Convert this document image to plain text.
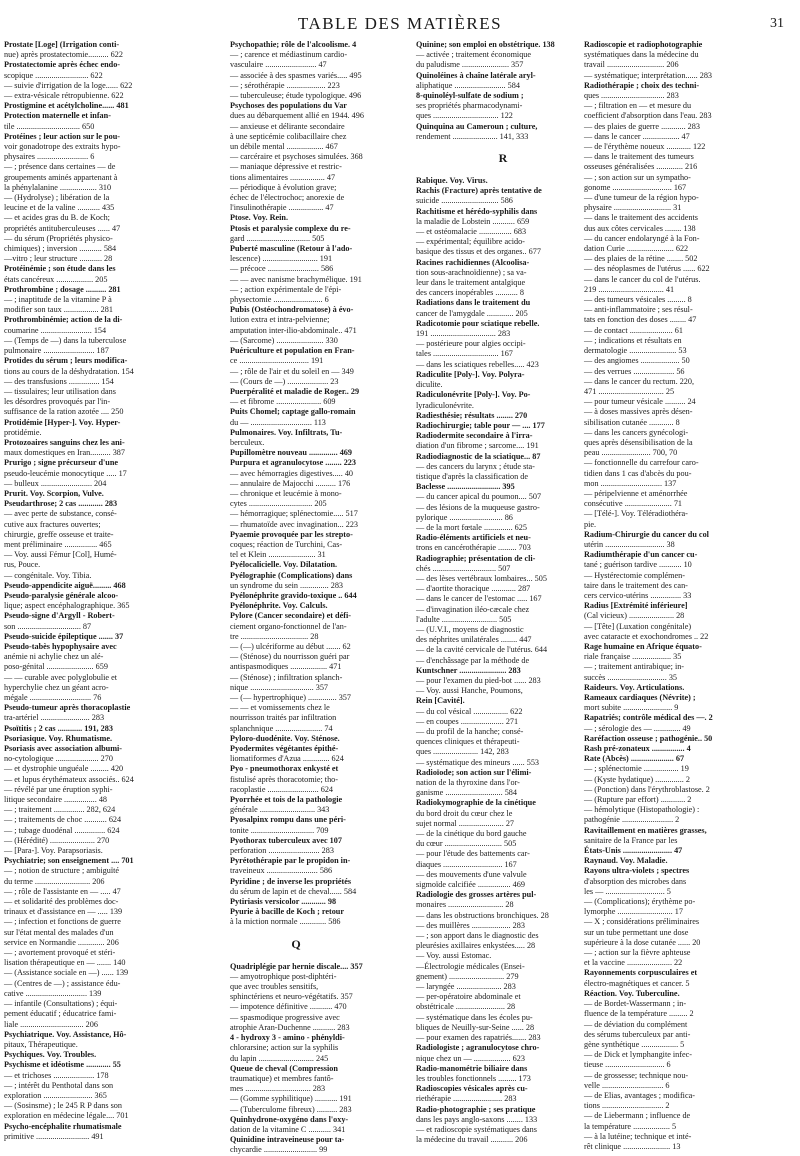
TABLE DES MATIÈRES	31
Prostate [Loge] (Irrigation conti-
nue) après prostatectomie.......... 622
Prostatectomie après échec endo-
scopique .......................... 622
— suivie d'irrigation de la loge...... 622
— extra-vésicale rétropubienne. 622
Prostigmine et acétylcholine...... 481
Protection maternelle et infan-
tile ............................... 650
Protéines ; leur action sur le pou-
voir gonadotrope des extraits hypo-
physaires ......................... 6
— ; présence dans certaines — de
groupements aminés appartenant à
la phénylalanine .................. 310
— (Hydrolyse) ; libération de la
leucine et de la valine ........... 435
— et acides gras du B. de Koch;
propriétés antituberculeuses ...... 47
— du sérum (Propriétés physico-
chimiques) ; inversion ........... 584
—vitro ; leur structure ........... 28
Protéinémie ; son étude dans les
états cancéreux .................. 205
Prothrombine ; dosage .......... 281
— ; inaptitude de la vitamine P à
modifier son taux ................. 281
Prothrombinémie; action de la di-
coumarine ......................... 154
— (Temps de —) dans la tuberculose
pulmonaire ......................... 187
Protides du sérum ; leurs modifica-
tions au cours de la déshydratation. 154
— des transfusions ............... 154
— tissulaires; leur utilisation dans
les désordres provoqués par l'in-
suffisance de la ration azotée .... 250
Protidémie [Hyper-]. Voy. Hyper-
protidémie.
Protozoaires sanguins chez les ani-
maux domestiques en Iran.......... 387
Prurigo ; signe précurseur d'une
pseudo-leucémie monocytique ..... 17
— bulleux ......................... 204
Prurit. Voy. Scorpion, Vulve.
Pseudarthrose; 2 cas ............ 283
— avec perte de substance, consé-
cutive aux fractures ouvertes;
chirurgie, greffe osseuse et traite-
ment préliminaire ................ 465
— Voy. aussi Fémur [Col], Humé-
rus, Pouce.
— congénitale. Voy. Tibia.
Pseudo-appendicite aiguë......... 468
Pseudo-paralysie générale alcoo-
lique; aspect encéphalographique. 365
Pseudo-signe d'Argyll - Robert-
son ............................... 87
Pseudo-suicide épileptique ....... 37
Pseudo-tabès hypophysaire avec
anémie ni achylie chez un alé-
poso-génital ....................... 659
— — curable avec polyglobulie et
hyperchylie chez un géant acro-
mégale .............................. 76
Pseudo-tumeur après thoracoplastie
tra-artériel ........................ 283
Psoïtitis ; 2 cas ............ 191, 283
Psoriasique. Voy. Rhumatisme.
Psoriasis avec association albumi-
no-cytologique ..................... 270
— et dystrophie unguéale ......... 420
— et lupus érythémateux associés.. 624
— révélé par une éruption syphi-
litique secondaire ................ 48
— ; traitement ............... 282, 624
— ; traitements de choc ........... 624
— ; tubage duodénal ............... 624
— (Hérédité) ...................... 270
— [Para-]. Voy. Parapsoriasis.
Psychiatrie; son enseignement .... 701
— ; notion de structure ; ambiguïté
du terme ........................... 206
— ; rôle de l'assistante en — ..... 47
— et solidarité des problèmes doc-
trinaux et d'assistance en — ..... 139
— ; infection et fonctions de guerre
sur l'état mental des malades d'un
service en Normandie ............. 206
— ; avortement provoqué et stéri-
lisation thérapeutique en — ....... 140
— (Assistance sociale en —) ...... 139
— (Centres de —) ; assistance édu-
cative .............................. 139
— infantile (Consultations) ; équi-
pement éducatif ; éducatrice fami-
liale ............................... 206
Psychiatrique. Voy. Assistance, Hô-
pitaux, Thérapeutique.
Psychiques. Voy. Troubles.
Psychisme et idéotisme ............ 55
— et trichoses .................... 178
— ; intérêt du Penthotal dans son
exploration ........................ 365
— (Sosinsme) ; le 245 R P dans son
exploration en médecine légale.... 701
Psycho-encéphalite rhumatismale
primitive .......................... 491
Psychopathie; rôle de l'alcoolisme. 4
— ; carence et médiastinum cardio-
vasculaire ......................... 47
— associée à des spasmes variés..... 495
— ; sérothérapie ................... 223
— tuberculeuse; étude typologique. 496
Psychoses des populations du Var
dues au débarquement allié en 1944. 496
— anxieuse et délirante secondaire
à une septicémie colibacillaire chez
un débile mental .................. 467
— carcéraire et psychoses simulées. 368
— maniaque dépressive et restric-
tions alimentaires ................. 47
— périodique à évolution grave;
échec de l'électrochoc; anorexie de
l'insulinothérapie ................. 47
Ptose. Voy. Rein.
Ptosis et paralysie complexe du re-
gard ............................... 505
Puberté masculine (Retour à l'ado-
lescence) ........................... 191
— précoce ......................... 586
— — avec nanisme brachymélique. 191
— ; action expérimentale de l'épi-
physectomie ........................ 6
Pubis (Ostéochondromatose) à évo-
lution extra et intra-pelvienne;
amputation inter-ilio-abdominale.. 471
— (Sarcome) ....................... 330
Puériculture et population en Fran-
ce .................................. 191
— ; rôle de l'air et du soleil en — 349
— (Cours de —) .................... 23
Puerpéralité et maladie de Roger.. 29
— et fibrome ...................... 609
Puits Chomel; captage gallo-romain
du — .............................. 113
Pulmonaires. Voy. Infiltrats, Tu-
berculeux.
Pupillomètre nouveau .............. 469
Purpura et agranulocytose ........ 223
— avec hémorragies digestives..... 40
— annulaire de Majocchi .......... 176
— chronique et leucémie à mono-
cytes ............................... 205
— hémorragique; splénectomie..... 517
— rhumatoïde avec invagination... 223
Pyaemie provoquée par les strepto-
coques; réaction de Turchini, Cas-
tel et Klein ....................... 31
Pyélocalicielle. Voy. Dilatation.
Pyélographie (Complications) dans
un syndrome du sein .............. 283
Pyélonéphrite gravido-toxique .. 644
Pyélonéphrite. Voy. Calculs.
Pylore (Cancer secondaire) et défi-
ciement organo-fonctionnel de l'an-
tre ................................. 28
— (—) ulcériforme au début ....... 62
— (Sténose) du nourrisson guéri par
antispasmodiques .................. 471
— (Sténose) ; infiltration splanch-
nique ............................... 357
— (— hypertrophique) .............. 357
— — et vomissements chez le
nourrisson traités par infiltration
splanchnique ....................... 74
Pyloro-duodénite. Voy. Sténose.
Pyodermites végétantes épithé-
liomatiformes d'Azua ............. 624
Pyo - pneumothorax enkysté et
fistulisé après thoracotomie; tho-
racoplastie ......................... 624
Pyorrhée et tois de la pathologie
générale ........................... 343
Pyosalpinx rompu dans une péri-
tonite ............................... 709
Pyothorax tuberculeux avec 107
perforation ......................... 283
Pyrétothérapie par le propidon in-
traveineux ......................... 586
Pyridine ; de inverse les propriétés
du sérum de lapin et de cheval...... 584
Pytiriasis versicolor ............ 98
Pyurie à bacille de Koch ; retour
à la miction normale ............. 586
Q
Quadriplégie par hernie discale.... 357
— amyotrophique post-diphtéri-
que avec troubles sensitifs,
sphinctériens et neuro-végétatifs. 357
— impotence définitive ........... 470
— spasmodique progressive avec
atrophie Aran-Duchenne ........... 283
4 - hydroxy 3 - amino - phényldi-
chlorarsine; action sur la syphilis
du lapin ........................... 245
Queue de cheval (Compression
traumatique) et membres fantô-
mes ................................ 283
— (Gomme syphilitique) ........... 191
— (Tuberculome fibreux) .......... 283
Quinhydrone-oxygéno dans l'oxy-
dation de la vitamine C ........... 341
Quinidine intraveineuse pour ta-
chycardie .......................... 99
Quinine; son emploi en obstétrique. 138
— activée ; traitement économique
du paludisme ....................... 357
Quinoléines à chaîne latérale aryl-
aliphatique ......................... 584
8-quinoléyl-sulfate de sodium ;
ses propriétés pharmacodynami-
ques ................................ 122
Quinquina au Cameroun ; culture,
rendement ...................... 141, 333
R
Rabique. Voy. Virus.
Rachis (Fracture) après tentative de
suicide ............................ 586
Rachitisme et hérédo-syphilis dans
la maladie de Lobstein ........... 659
— et ostéomalacie ................ 683
— expérimental; équilibre acido-
basique des tissus et des organes.. 677
Racines rachidiennes (Alcoolisa-
tion sous-arachnoïdienne) ; sa va-
leur dans le traitement antalgique
des cancers inopérables ........... 8
Radiations dans le traitement du
cancer de l'amygdale ............. 205
Radicotomie pour sciatique rebelle.
191 ................................ 283
— postérieure pour algies occipi-
tales ................................ 167
— dans les sciatiques rebelles..... 423
Radiculite [Poly-]. Voy. Polyra-
diculite.
Radiculonévrite [Poly-]. Voy. Po-
lyradiculonévrite.
Radiesthésie; résultats ........ 270
Radiochirurgie; table pour — .... 177
Radiodermite secondaire à l'irra-
diation d'un fibrome ; sarcome.... 191
Radiodiagnostic de la sciatique... 87
— des cancers du larynx ; étude sta-
tistique d'après la classification de
Baclesse .......................... 395
— du cancer apical du poumon.... 507
— des lésions de la muqueuse gastro-
pylorique .......................... 86
— de la mort fœtale .............. 625
Radio-éléments artificiels et neu-
trons en cancérothérapie ......... 703
Radiographie; présentation de cli-
chés ............................... 507
— des lèses vertébraux lombaires... 505
— d'aortite thoracique ............ 287
— dans le cancer de l'estomac ..... 167
— d'invagination iléo-cæcale chez
l'adulte ........................... 505
— (U.V.I., moyens de diagnostic
des néphrites unilatérales ........ 447
— de la cavité cervicale de l'utérus. 644
— d'enchâssage par la méthode de
Kuntschner ....................... 283
— pour l'examen du pied-bot ...... 283
— Voy. aussi Hanche, Poumons,
Rein [Cavité].
— du col vésical ................. 622
— en coupes ..................... 271
— du profil de la hanche; consé-
quences cliniques et thérapeuti-
ques ...................... 142, 283
— systématique des mineurs ...... 553
Radioïode; son action sur l'élimi-
nation de la thyroxine dans l'or-
ganisme ............................ 584
Radiokymographie de la cinétique
du bord droit du cœur chez le
sujet normal ...................... 27
— de la cinétique du bord gauche
du cœur ............................ 505
— pour l'étude des battements car-
diaques ............................. 167
— des mouvements d'une valvule
sigmoïde calcifiée ................ 469
Radiologie des grosses artères pul-
monaires ........................... 28
— dans les obstructions bronchiques. 28
— des muillères ................... 283
— ; son apport dans le diagnostic des
pleurésies axillaires enkystées..... 28
— Voy. aussi Estomac.
—Électrologie médicales (Ensei-
gnement) ........................... 279
— laryngée ...................... 283
— per-opératoire abdominale et
obstétricale ........................ 28
— systématique dans les écoles pu-
bliques de Neuilly-sur-Seine ...... 28
— pour examen des rapatriés....... 283
Radiologiste ; agranulocytose chro-
nique chez un — .................. 623
Radio-manométrie biliaire dans
les troubles fonctionnels ......... 173
Radioscopies vésicales après cu-
riethérapie ........................ 283
Radio-photographie ; ses pratique
dans les pays anglo-saxons ........ 133
— et radioscopie systématiques dans
la médecine du travail ........... 206
Radioscopie et radiophotographie
systématiques dans la médecine du
travail ............................ 206
— systématique; interprétation...... 283
Radiothérapie ; choix des techni-
ques ............................... 283
— ; filtration en — et mesure du
coefficient d'absorption dans l'eau. 283
— des plaies de guerre ............ 283
— dans le cancer .................. 47
— de l'érythème noueux ............ 122
— dans le traitement des tumeurs
osseuses généralisées ............. 216
— ; son action sur un sympatho-
gonome ............................. 167
— d'une tumeur de la région hypo-
physaire ............................ 31
— dans le traitement des accidents
dus aux côtes cervicales ........ 138
— du cancer endolaryngé à la Fon-
dation Curie ....................... 622
— des plaies de la rétine ........ 502
— des néoplasmes de l'utérus ...... 622
— dans le cancer du col de l'utérus.
219 ................................ 41
— des tumeurs vésicales ......... 8
— anti-inflammatoire ; ses résul-
tats en fonction des doses ........ 47
— de contact ..................... 61
— ; indications et résultats en
dermatologie ....................... 53
— des angiomes ................... 50
— des verrues .................... 56
— dans le cancer du rectum. 220,
471 ................................ 25
— pour tumeur vésicale .......... 24
— à doses massives après désen-
sibilisation cutanée ............ 8
— dans les cancers gynécologi-
ques après désensibilisation de la
peau ........................ 700, 70
— fonctionnelle du carrefour caro-
tidien dans 1 cas d'abcès du pou-
mon .............................. 137
— péripelvienne et aménorrhée
consécutive ....................... 71
— [Télé-]. Voy. Téléradiothéra-
pie.
Radium-Chirurgie du cancer du col
utérin ............................. 38
Radiumthérapie d'un cancer cu-
tané ; guérison tardive ........... 10
— Hystérectomie complémen-
taire dans le traitement des can-
cers cervico-utérins ............... 33
Radius [Extrémité inférieure]
(Cal vicieux) ...................... 28
— [Tête] (Luxation congénitale)
avec cataracte et exochondromes .. 22
Rage humaine en Afrique équato-
riale française ................... 35
— ; traitement antirabique; in-
succès ............................. 35
Raideurs. Voy. Articulations.
Rameaux cardiaques (Névrite) ;
mort subite ........................ 9
Rapatriés; contrôle médical des —. 2
— ; sérologie des — ............. 49
Raréfaction osseuse ; pathogénie.. 50
Rash pré-zonateux ................ 4
Rate (Abcès) ..................... 67
— ; splénectomie ................. 19
— (Kyste hydatique) .............. 2
— (Ponction) dans l'érythroblastose. 2
— (Rupture par effort) ............ 2
— hémolytique (Histopathologie) :
pathogénie ......................... 2
Ravitaillement en matières grasses,
sanitaire de la France par les
États-Unis ........................ 47
Raynaud. Voy. Maladie.
Rayons ultra-violets ; spectres
d'absorption des microbes dans
les — ............................. 5
— (Complications); érythème po-
lymorphe ........................... 17
— X ; considérations préliminaires
sur un tube permettant une dose
supérieure à la dose cutanée ...... 20
— ; action sur la fièvre aphteuse
et la vaccine ...................... 22
Rayonnements corpusculaires et
électro-magnétiques et cancer. 5
Réaction. Voy. Tuberculine.
— de Bordet-Wassermann ; in-
fluence de la température ......... 2
— de déviation du complément
des sérums tuberculeux par anti-
gène synthétique .................. 5
— de Dick et lymphangite infec-
tieuse ............................. 6
— de grossesse; technique nou-
velle .............................. 6
— de Elias, avantages ; modifica-
tions .............................. 2
— de Liebermann ; influence de
la température .................. 5
— à la lutéine; technique et inté-
rêt clinique ....................... 13
